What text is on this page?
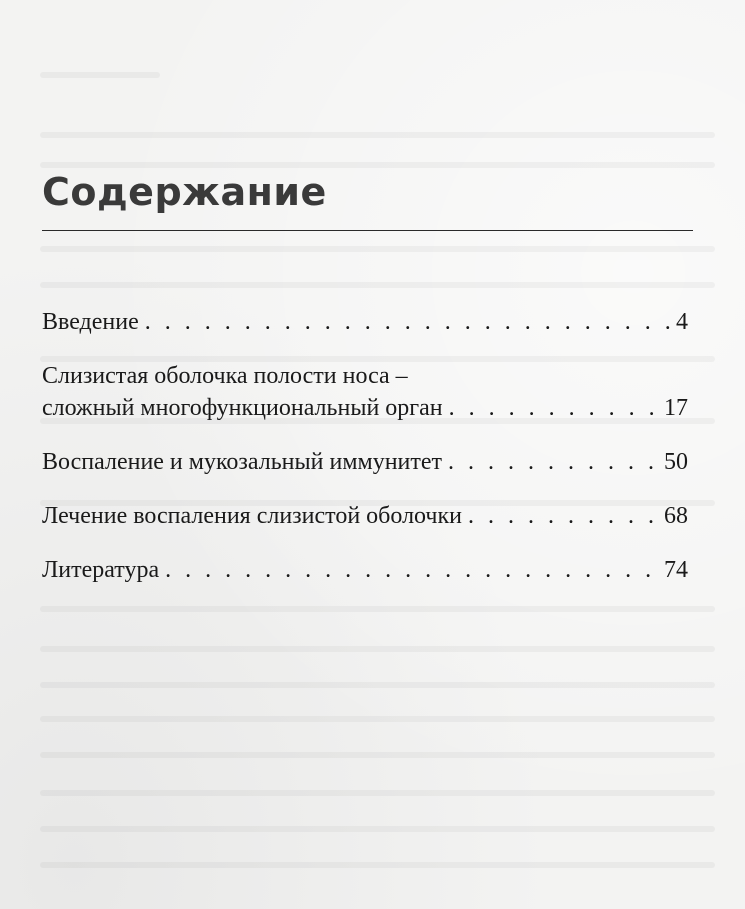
Содержание
Введение . . .	4
Слизистая оболочка полости носа –
сложный многофункциональный орган . . .	17
Воспаление и мукозальный иммунитет . . .	50
Лечение воспаления слизистой оболочки . . .	68
Литература . . .	74
